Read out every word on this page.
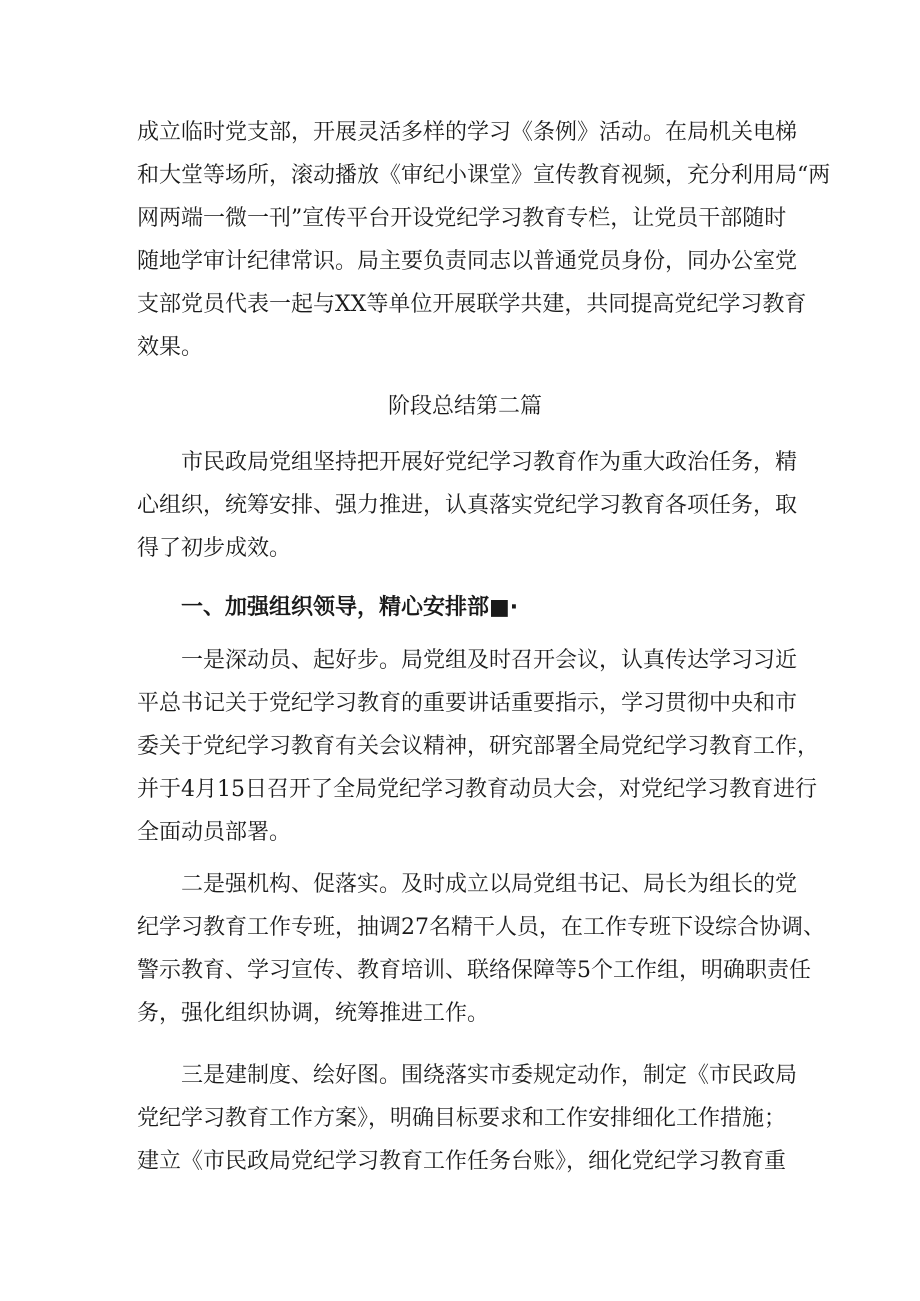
成立临时党支部，开展灵活多样的学习《条例》活动。在局机关电梯
和大堂等场所，滚动播放《审纪小课堂》宣传教育视频，充分利用局“两
网两端一微一刊”宣传平台开设党纪学习教育专栏，让党员干部随时
随地学审计纪律常识。局主要负责同志以普通党员身份，同办公室党
支部党员代表一起与XX等单位开展联学共建，共同提高党纪学习教育
效果。
阶段总结第二篇
市民政局党组坚持把开展好党纪学习教育作为重大政治任务，精
心组织，统筹安排、强力推进，认真落实党纪学习教育各项任务，取
得了初步成效。
一、加强组织领导，精心安排部■·
一是深动员、起好步。局党组及时召开会议，认真传达学习习近
平总书记关于党纪学习教育的重要讲话重要指示，学习贯彻中央和市
委关于党纪学习教育有关会议精神，研究部署全局党纪学习教育工作，
并于4月15日召开了全局党纪学习教育动员大会，对党纪学习教育进行
全面动员部署。
二是强机构、促落实。及时成立以局党组书记、局长为组长的党
纪学习教育工作专班，抽调27名精干人员，在工作专班下设综合协调、
警示教育、学习宣传、教育培训、联络保障等5个工作组，明确职责任
务，强化组织协调，统筹推进工作。
三是建制度、绘好图。围绕落实市委规定动作，制定《市民政局
党纪学习教育工作方案》，明确目标要求和工作安排细化工作措施；
建立《市民政局党纪学习教育工作任务台账》，细化党纪学习教育重
